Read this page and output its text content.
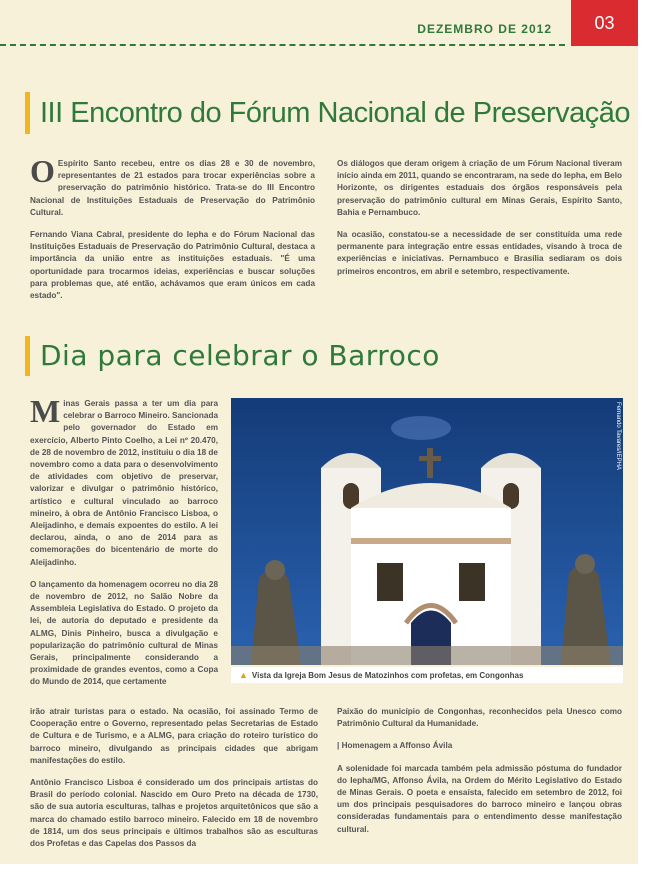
DEZEMBRO DE 2012	03
III Encontro do Fórum Nacional de Preservação

O Espírito Santo recebeu, entre os dias 28 e 30 de novembro, representantes de 21 estados para trocar experiências sobre a preservação do patrimônio histórico. Trata-se do III Encontro Nacional de Instituições Estaduais de Preservação do Patrimônio Cultural.

Fernando Viana Cabral, presidente do Iepha e do Fórum Nacional das Instituições Estaduais de Preservação do Patrimônio Cultural, destaca a importância da união entre as instituições estaduais. "É uma oportunidade para trocarmos ideias, experiências e buscar soluções para problemas que, até então, achávamos que eram únicos em cada estado".

Os diálogos que deram origem à criação de um Fórum Nacional tiveram início ainda em 2011, quando se encontraram, na sede do Iepha, em Belo Horizonte, os dirigentes estaduais dos órgãos responsáveis pela preservação do patrimônio cultural em Minas Gerais, Espírito Santo, Bahia e Pernambuco.

Na ocasião, constatou-se a necessidade de ser constituída uma rede permanente para integração entre essas entidades, visando à troca de experiências e iniciativas. Pernambuco e Brasília sediaram os dois primeiros encontros, em abril e setembro, respectivamente.

Dia para celebrar o Barroco

Minas Gerais passa a ter um dia para celebrar o Barroco Mineiro. Sancionada pelo governador do Estado em exercício, Alberto Pinto Coelho, a Lei nº 20.470, de 28 de novembro de 2012, instituiu o dia 18 de novembro como a data para o desenvolvimento de atividades com objetivo de preservar, valorizar e divulgar o patrimônio histórico, artístico e cultural vinculado ao barroco mineiro, à obra de Antônio Francisco Lisboa, o Aleijadinho, e demais expoentes do estilo. A lei declarou, ainda, o ano de 2014 para as comemorações do bicentenário de morte do Aleijadinho.

O lançamento da homenagem ocorreu no dia 28 de novembro de 2012, no Salão Nobre da Assembleia Legislativa do Estado. O projeto da lei, de autoria do deputado e presidente da ALMG, Dinis Pinheiro, busca a divulgação e popularização do patrimônio cultural de Minas Gerais, principalmente considerando a proximidade de grandes eventos, como a Copa do Mundo de 2014, que certamente

Fernando Tavares/IEPHA
▲ Vista da Igreja Bom Jesus de Matozinhos com profetas, em Congonhas

irão atrair turistas para o estado. Na ocasião, foi assinado Termo de Cooperação entre o Governo, representado pelas Secretarias de Estado de Cultura e de Turismo, e a ALMG, para criação do roteiro turístico do barroco mineiro, divulgando as principais cidades que abrigam manifestações do estilo.

Antônio Francisco Lisboa é considerado um dos principais artistas do Brasil do período colonial. Nascido em Ouro Preto na década de 1730, são de sua autoria esculturas, talhas e projetos arquitetônicos que são a marca do chamado estilo barroco mineiro. Falecido em 18 de novembro de 1814, um dos seus principais e últimos trabalhos são as esculturas dos Profetas e das Capelas dos Passos da

Paixão do município de Congonhas, reconhecidos pela Unesco como Patrimônio Cultural da Humanidade.

| Homenagem a Affonso Ávila

A solenidade foi marcada também pela admissão póstuma do fundador do Iepha/MG, Affonso Ávila, na Ordem do Mérito Legislativo do Estado de Minas Gerais. O poeta e ensaísta, falecido em setembro de 2012, foi um dos principais pesquisadores do barroco mineiro e lançou obras consideradas fundamentais para o entendimento desse manifestação cultural.
